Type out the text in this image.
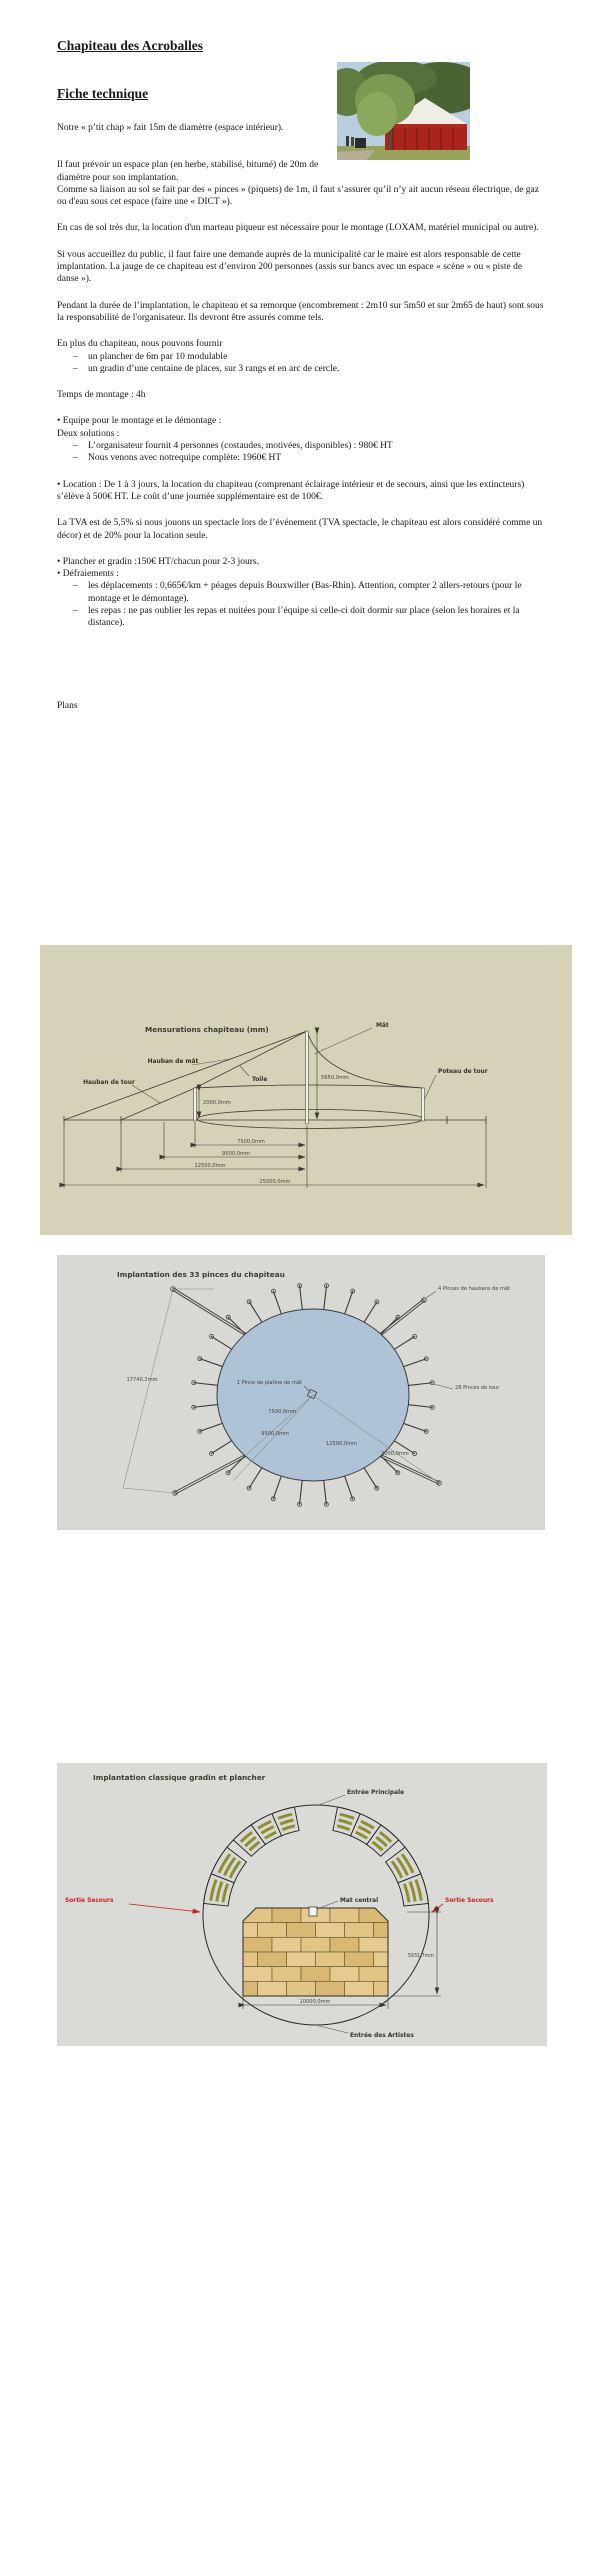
Chapiteau des Acroballes
Fiche technique

Notre « p’tit chap » fait 15m de diamètre (espace intérieur).

Il faut prévoir un espace plan (en herbe, stabilisé, bitumé) de 20m de diamètre pour son implantation.

Comme sa liaison au sol se fait par des « pinces » (piquets) de 1m, il faut s’assurer qu’il n’y ait aucun réseau électrique, de gaz ou d'eau sous cet espace (faire une « DICT »).

En cas de sol très dur, la location d'un marteau piqueur est nécessaire pour le montage (LOXAM, matériel municipal ou autre).

Si vous accueillez du public, il faut faire une demande auprès de la municipalité car le maire est alors responsable de cette implantation. La jauge de ce chapiteau est d’environ 200 personnes (assis sur bancs avec un espace « scène » ou « piste de danse »).

Pendant la durée de l’implantation, le chapiteau et sa remorque (encombrement : 2m10 sur 5m50 et sur 2m65 de haut) sont sous la responsabilité de l'organisateur. Ils devront être assurés comme tels.

En plus du chapiteau, nous pouvons fournir

–	un plancher de 6m par 10 modulable
–	un gradin d’une centaine de places, sur 3 rangs et en arc de cercle.

Temps de montage : 4h

• Equipe pour le montage et le démontage :

Deux solutions :

–	L’organisateur fournit 4 personnes (costaudes, motivées, disponibles) : 980€ HT
–	Nous venons avec notrequipe complète: 1960€ HT

• Location : De 1 à 3 jours, la location du chapiteau (comprenant éclairage intérieur et de secours, ainsi que les extincteurs) s’élève à 500€ HT. Le coût d’une journée supplémentaire est de 100€.

La TVA est de 5,5% si nous jouons un spectacle lors de l’événement (TVA spectacle, le chapiteau est alors considéré comme un décor) et de 20% pour la location seule.

• Plancher et gradin :150€ HT/chacun pour 2-3 jours.

• Défraiements :

–	les déplacements : 0,665€/km + péages depuis Bouxwiller (Bas-Rhin). Attention, compter 2 allers-retours (pour le montage et le démontage).
–	les repas : ne pas oublier les repas et nuitées pour l’équipe si celle-ci doit dormir sur place (selon les horaires et la distance).

Plans

Mensurations chapiteau (mm)	Mât
Hauban de mât
Toile
Hauban de tour
Poteau de tour
5650,0mm
2000,0mm
7500,0mm
9500,0mm
12500,0mm
25000,0mm
Implantation des 33 pinces du chapiteau
4 Pinces de haubans de mât
1 Pince de platine de mât
28 Pinces de tour
17740,2mm
7500,0mm
9500,0mm
12500,0mm
2000,0mm
Implantation classique gradin et plancher
Entrée Principale
Sortie Secours	Sortie Secours
Mat central
Entrée des Artistes
5931,7mm
10000,0mm
